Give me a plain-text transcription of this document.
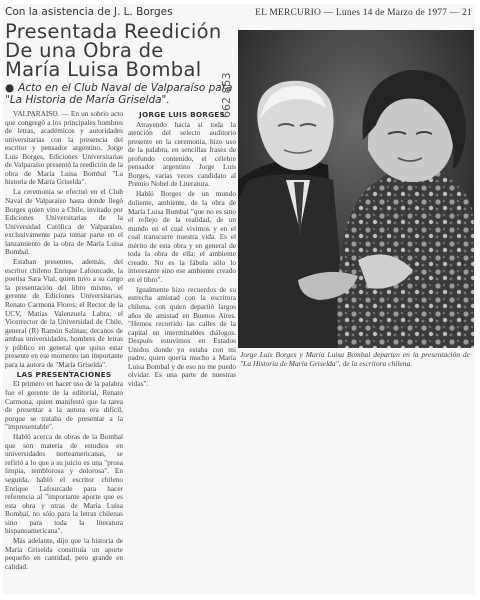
Con la asistencia de J. L. Borges	EL MERCURIO — Lunes 14 de Marzo de 1977 — 21
Presentada Reedición
De una Obra de
María Luisa Bombal
● Acto en el Club Naval de Valparaíso para "La Historia de María Griselda".

VALPARAISO. — En un sobrio acto que congregó a los principales hombres de letras, académicos y autoridades universitarias con la presencia del escritor y pensador argentino, Jorge Luis Borges, Ediciones Universitarias de Valparaíso presentó la reedición de la obra de María Luisa Bombal "La historia de María Griselda".

La ceremonia se efectuó en el Club Naval de Valparaíso hasta donde llegó Borges quien vino a Chile, invitado por Ediciones Universitarias de la Universidad Católica de Valparaíso, exclusivamente para tomar parte en el lanzamiento de la obra de María Luisa Bombal.

Estaban presentes, además, del escritor chileno Enrique Lafourcade, la poetisa Sara Vial, quien tuvo a su cargo la presentación del libro mismo, el gerente de Ediciones Universitarias, Renato Carmona Flores; el Rector de la UCV, Matías Valenzuela Labra; el Vicerrector de la Universidad de Chile, general (R) Ramón Salinas; decanos de ambas universidades, hombres de letras y público en general que quiso estar presente en ese momento tan importante para la autora de "María Griselda".

LAS PRESENTACIONES

El primero en hacer uso de la palabra fue el gerente de la editorial, Renato Carmona, quien manifestó que la tarea de presentar a la autora era difícil, porque se trataba de presentar a la "impresentable".

Habló acerca de obras de la Bombal que son materia de estudios en universidades norteamericanas, se refirió a lo que a su juicio es una "prosa limpia, temblorosa y dolorosa". En seguida, habló el escritor chileno Enrique Lafourcade para hacer referencia al "importante aporte que es esta obra y otras de María Luisa Bombal, no sólo para la letras chilenas sino para toda la literatura hispanoamericana".

Más adelante, dijo que la historia de María Griselda constituía un aporte pequeño en cantidad, pero grande en calidad.

JORGE LUIS BORGES

Atrayendo hacia sí toda la atención del selecto auditorio presente en la ceremonia, hizo uso de la palabra, en sencillas frases de profundo contenido, el célebre pensador argentino Jorge Luis Borges, varias veces candidato al Premio Nobel de Literatura.

Habló Borges de un mundo doliente, ambiente, de la obra de María Luisa Bombal "que no es sino el reflejo de la realidad, de un mundo en el cual vivimos y en el cual transcurre nuestra vida. Es el mérito de esta obra y en general de toda la obra de ella: el ambiente creado. No es la fábula sólo lo interesante sino ese ambiente creado en el libro".

Igualmente hizo recuerdos de su estrecha amistad con la escritora chilena, con quien departió largos años de amistad en Buenos Aires. "Hemos recorrido las calles de la capital en interminables diálogos. Después estuvimos en Estados Unidos donde yo estaba con mi padre, quien quería mucho a María Luisa Bombal y de eso no me puedo olvidar. Es una parte de nuestras vidas".

Jorge Luis Borges y María Luisa Bombal departen en la presentación de "La Historia de María Griselda", de la escritora chilena.
